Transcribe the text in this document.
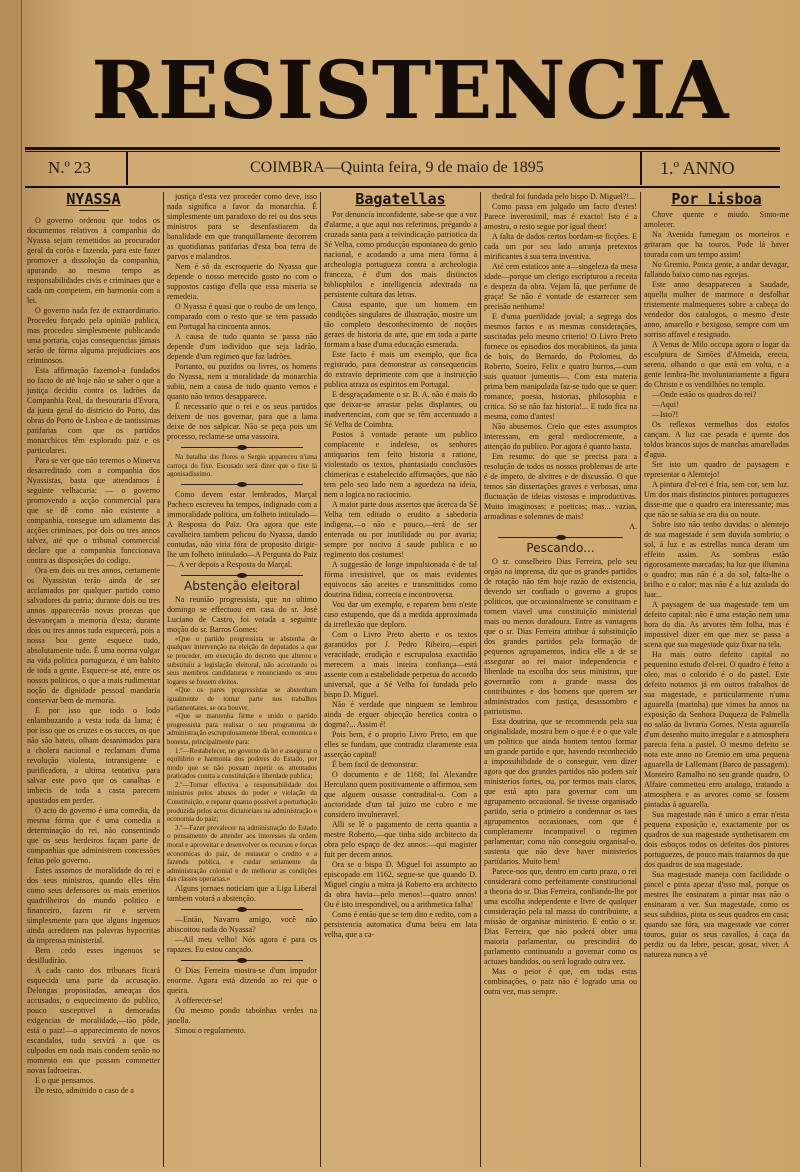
RESISTENCIA
N.º 23	COIMBRA—Quinta feira, 9 de maio de 1895	1.º ANNO
NYASSA

O governo ordenou que todos os documentos relativos á companhia do Nyassa sejam remettidos ao procurador geral da corôa e fazenda, para este fazer promover a dissolução da companhia, apurando ao mesmo tempo as responsabilidades civis e criminaes que a cada um competem, em harmonia com a lei.

O governo nada fez de extraordinario. Procedeu forçado pela opinião publica, mas procedeu simplesmente publicando uma portaria, cujas consequencias jámais serão de fórma alguma prejudiciaes aos criminosos.

Esta affirmação fazemol-a fundados no facto de até hoje não se saber o que a justiça decidiu contra os ladrões da Companhia Real, da thesouraria d'Evora, da junta geral do districto do Porto, das obras do Porto de Lisboa e de tantissimas patifarias com que os partidos monarchicos têm explorado paiz e os particulares.

Para se ver que não teremos o Minerva desacreditado com a companhia dos Nyassistas, basta que attendamos á seguinte velhacaria: — o governo promovendo a acção commercial para que se dê como não existente a companhia, consegue um adiamento das acções criminaes, por dois ou tres annos talvez, até que o tribunal commercial declare que a companhia funccionava contra as disposições do codigo.

Ora em dois ou tres annos, certamente os Nyassistas terão ainda de ser acclamados por qualquer partido como salvadores da patria; durante dois ou tres annos apparecerão novas proezas que desvaneçam a memoria d'esta; durante dois ou tres annos tudo esquecerá, pois a nossa boa gente esquece tudo, absolutamente tudo. É uma norma vulgar na vida politica portugueza, é um habito de toda a gente. Esquece-se até, entre os nossos politicos, o que a mais rudimentar noção de dignidade pessoal mandaria conservar bem de memoria.

E por isso que todo o lodo enlambuzando a vesta toda da lama; é por isso que os cruzes e os succes, os que não são bateis, olham desanimados para a cholera nacional e reclamam d'uma revolução violenta, intransigente e purificadora, a ultima tentativa para salvar este povo que os canalhas e imbecis de toda a casta parecem apostados em perder.

O acto do governo é uma comedia, da mesma fórma que é uma comedia a determinação do rei, não consentindo que os seus herdeiros façam parte de companhias que administrem concessões feitas pelo governo.

Estes assomos de moralidade do rei e dos seus ministros, quando elles têm como seus defensores os mais emeritos quadrilheiros do mundo politico e financeiro, fazem rir e servem simplesmente para que alguns ingenuos ainda acreditem nas palavras hypocritas da imprensa ministerial.

Bem cedo esses ingenuos se desilludirão.

A cada canto dos tribunaes ficará esquecida uma parte da accusação. Delongas propositadas, ameaças dos accusados, o esquecimento do publico, pouco susceptivel a demoradas exigencias de moralidade,—ião pôde, está o paiz!—o apparecimento de novos escandalos, tudo servirá a que os culpados em nada mais condem senão no momento em que possam commetter novas ladroeiras.

E o que pensamos.

De resto, admittido o caso de a

justiça d'esta vez proceder como deve, isso nada significa a favor da monarchia. É simplesmente um paradoxo do rei ou dos seus ministros para se desenfastiarem da banalidade em que tranquillamente decorrem as quotidianas patifarias d'esta boa terra de parvos e malandros.

Nem é só da escroquerie do Nyassa que depende o nosso merecido gosto no com o suppostos castigo d'ella que essa miseria se remedeia.

O Nyassa é quasi que o roubo de um lenço, comparado com o resto que se tem passado em Portugal ha cincoenta annos.

A causa de tudo quanto se passa não depende d'um individuo que seja ladrão, depende d'um regimen que faz ladrões.

Portanto, ou puzidos ou livres, os homens do Nyassa, nem a moralidade da monarchia subiu, nem a causa de tudo quanto vemos e quanto não temos desapparece.

É necessario que o rei e os seus partidos deixem de nos governar, para que a lama deixe de nos salpicar. Não se peça pois um processo, reclame-se uma vassoira.

Na batalha das flores o Sergio appareceu n'uma carroça do fixe. Escusado será dizer que o fixe lá agonisadissimo.

Como devem estar lembrados, Marçal Pacheco escreveu ha tempos, indignado com a immoralidade politica, um folheto intitulado—A Resposta do Paiz. Ora agora que este cavalheiro tambem pelicou do Nyassa, dando contudas, não viria fóra de proposito dirigir-lhe um folheto intitulado—A Pergunta do Paiz—. A ver depois a Resposta do Marçal.

Abstenção eleitoral

Na reunião progressista, que no ultimo domingo se effectuou em casa do sr. José Luciano de Castro, foi votada a seguinte moção do sr. Barros Gomes:

«Que o partido progressista se abstenha de qualquer intervenção na eleição de deputados a que se proceder, em execução do decreto que alterou e substituiu a legislação eleitoral, não acceitando os seus membros candidaturas e renunciando os seus logares se fossem eleitos.

«Que os pares progressistas se abstenham igualmente de tomar parte nos trabalhos parlamentares, se ora houver.

«Que se mantenha firme e unido o partido progressista para realisar o seu programma de administração escrupulosamente liberal, economica e honesta, principalmente para:

1.º—Restabelecer, no governo da lei e assegurar o equilibrio e harmonia dos poderes do Estado, por modo que se não possam repetir os attentados praticados contra a constituição e liberdade publica;

2.º—Tornar effectiva a responsabilidade dos ministros pelos abusos do poder e violação da Constituição, e reparar quanto possivel a perturbação produzida pelos actos dictatoriaes na administração e economia do paiz;

3.º—Fazer prevalecer na administração do Estado o pensamento de attender aos interesses da ordem moral e aproveitar e desenvolver os recursos e forças economicas do paiz, de restaurar o credito e a fazenda publica, e cuidar seriamente da administração colonial e de melhorar as condições das classes operarias.»

Alguns jornaes noticiam que a Liga Liberal tambem votará a abstenção.

—Então, Navarro amigo, você não abiscoitou nada do Nyassa?

—Ail meu velho! Nós agora é para os rapazes. Eu estou cançado.

O Dias Ferreira mostra-se d'um impudor enorme. Agora está dizendo ao rei que o queira.

A offerecer-se!

Ou mesmo pondo taboinhas verdes na janella.

Simou o regulamento.

Bagatellas

Por denuncia inconfidente, sabe-se que a voz d'alarme, a que aqui nos referimos, prégando a cruzada santa para a reivindicação patriotica da Sé Velha, como producção espontanea do genio nacional, e acodando a uma mera fórma á archeologia portugueza contra a archeologia franceza, é d'um dos mais distinctos bibliophilos e intelligencia adextrada na persistente cultura das letras.

Causa espanto, que um homem em condições singulares de illustração, mostre um tão completo desconhecimento de noções geraes de historia da arte, que em toda a parte formam a base d'uma educação esmerada.

Este facto é mais um exemplo, que fica registrado, para demonstrar as consequencias do extravio deprimente com que a instrucção publica atraza os espiritos em Portugal.

E desgraçadamente o sr. B. A. não é mais do que deixar-se arrastar pelas displantes, ou inadvertencias, com que se têm accentuado a Sé Velha de Coimbra.

Postos á vontade perante um publico complacente e indefeso, os senhores antiquarios tem feito historia a ratione, violentado os textos, phantasiado conclusões chimericas e estabelecido affirmações, que não tem pelo seu lado nem a aguedeza na ideia, nem a logica no raciocinio.

A maior parte dous assertos que ácerca da Sé Velha tem editado o erudito a sabedoria indigena,—o não e pouco,—terá de ser enterrada ou por inutilidade ou por avaria; sempre por nocivo á saude publica e ao regimento dos costumes!

A suggestão de longe impulsionada é de tal fórma irresistivel, que os mais evidentes equivocos são aceites e transmittidos como doutrina fidina, correcta e incontroversa.

Vou dar um exemplo, e reparem bem n'este caso estupendo, que dá a medida approximada da irreflexão que deploro.

Com o Livro Preto aberto e os textos garantidos por J. Pedro Ribeiro,—espiri veracidade, erudição e escrupulosa exactidão merecem a mais inteira confiança—está assente com a estabelidade perpetua do accordo universal, que a Sé Velha foi fundada pelo bispo D. Miguel.

Não é verdade que ninguem se lembrou ainda de erguer objecção heretica contra o dogma?... Assim é!

Pois bem, é o proprio Livro Preto, em que elles se fundam, que contradiz claramente esta asserção capital!

É bem facil de demonstrar.

O documento e de 1168; foi Alexandre Herculano quem positivamente o affirmou, sem que alguem ousasse contradital-o. Com a auctoridade d'um tal juizo me cubro e me considero invulneravel.

Alli se lê o pagamento de certa quantia a mestre Roberto,—que tinha sido architecto da obra pelo espaço de dez annos:—qui magister fuit per decem annos.

Ora se o bispo D. Miguel foi assumpto ao episcopado em 1162, segue-se que quando D. Miguel cingiu a mitra já Roberto era architecto da obra havia—pelo menos!—quatro annos! Ou é isto irrespondivel, ou a arithmetica falha!

Como é então que se tem dito e redito, com a persistencia automatica d'uma beira em lata velha, que a ca-

thedral foi fundada pelo bispo D. Miguel?!...

Como passa em julgado um facto d'estes! Parece inverosimil, mas é exacto! Isto é a amostra, o resto segue por igual theor!

A falta de dados certos bordam-se ficções. E cada um por seu lado arranja pretextos mirificantes á sua terra inventiva.

Até cem estatícos ante a—singeleza da mesa idade—porque um clerigo escripturou a receita e despeza da obra. Vejam lá, que perfume de graça! Se não é vontade de estarrecer sem precisão nenhuma!

E d'uma puerilidade jovial; a segrega dos mesmos factos e as mesmas considerações, suscitadas pelo mesmo criterio! O Livro Preto fornece os episodios dos morabitinos, da junta de bois, do Bernardo, do Ptolomeu, do Roberto, Soeiro, Felix e quatro burros,—cum suis quatuor jumentis—. Com esta materia prima bem manipulada faz-se tudo que se quer: romance, poesia, historias, philosophia e critica. Só se não faz historia!... E tudo fica na mesma, como d'antes!

Não abusemos. Creio que estes assumptos interessam, em geral mediocremente, a attenção do publico. Por agora é quanto basta.

Em resumo: do que se precisa para a resolução de todos os nossos problemas de arte é de ímpeto, de alvitres e de discussão. O que temos são dissertações graves e verbosas, uma fluctuação de ideias vistosas e improductivas. Muito imaginosas; e poeticas; mas... vazias, armadinas e solemnes de mais!

A.

Pescando...

O sr. conselheiro Dias Ferreira, pelo seu orgão na imprensa, diz que os grandes partidos de rotação não têm hoje razão de existencia, devendo ser confiado o governo a grupos politicos, que occasionalmente se constituam e tornem viavel uma constituição ministerial mais ou menos duradoura. Entre as vantagens que o sr. Dias Ferreira attribue á substituição dos grandes partidos pela formação de pequenos agrupamentos, indica elle a de se assegurar ao rei maior independencia e liberdade na escolha dos seus ministros, que governarão com a grande massa dos contribuintes e dos homens que querem ser administrados com justiça, desassombro e patriotismo.

Esta doutrina, que se recommenda pela sua originalidade, mostra bem o que é e o que vale um politico que ainda hontem tentou formar um grande partido e que, havendo reconhecido a impossibilidade de o conseguir, vem dizer agora que dos grandes partidos não podem saír ministerios fortes, ou, por termos mais claros, que está apto para governar com um agrupamento occasional. Se tivesse organisado partido, seria o primeiro a condemnar os taes agrupamentos occasionaes, com que é completamente incompativel o regimen parlamentar; como não conseguiu organisal-o, sustenta que não deve haver ministerios partidarios. Muito bem!

Parece-nos que, dentro em curto prazo, o rei considerará como perfeitamente constitucional a theoria do sr. Dias Ferreira, confiando-lhe por uma escolha independente e livre de qualquer consideração pela tal massa do contribuinte, a missão de organisar ministerio. E então o sr. Dias Ferreira, que não poderá obter uma maioria parlamentar, ou prescindirá do parlamento continuando a governar como os actuaes bandidos, ou será logrado outra vez.

Mas o peior é que, em todas estas combinações, o paiz não é logrado uma ou outra vez, mas sempre.

Por Lisboa

Chove quente e miudo. Sinto-me amolecer.

Na Avenida fumegam os morteiros e gritaram que ha touros. Pode lá haver tourada com um tempo assim!

No Gremio. Pouca gente, a andar devagar, fallando baixo como nas egrejas.

Este anno desappareceu a Saudade, aquella mulher de marmore a desfolhar tristemente malmequeres sobre a cabeça do vendedor dos catalogos, o mesmo d'este anno, amarello e bexigoso, sempre com um sorriso affavel e resignado.

A Venus de Milo occupa agora o logar da esculptura de Simões d'Almeida, erecta, serena, olhando o que está em volta, e a gente lembra-lhe involuntariamente a figura do Christo e os vendilhões no templo.

—Onde estão os quadros do rei?

—Aqui!

—Isto?!

Os reflexos vermelhos dos estofos cançam. A luz cae pesada e quente dos toldos brancos sujos de manchas amarelladas d'agua.

Ser isto um quadro de paysagem e representar o Alemtejo!

A pintura d'el-rei é fria, sem cor, sem luz. Um dos mais distinctos pintores portuguezes disse-me que o quadro era interessante; mas que não se sabia se era dia ou noute.

Sobre isto não tenho duvidas: o alemtejo de sua magestade é sem duvida sombrio; o sol, á luz e as estrellas nunca deram um effeito assim. As sombras estão rigorosamente marcadas; ha luz que illumina o quadro; mas não é a do sol, falta-lhe o brilho e o calor; mas não é a luz azulada do luar...

A paysagem de sua magestade tem um defeito capital: não é uma estação nem uma hora do dia. As arvores têm folha, mas é impossivel dizer em que mez se passa a scena que sua magestade quiz fixar na tela.

Ha mais outro defeito capital no pequenino estudo d'el-rei. O quadro é feito a oleo, mas o colorido é o do pastel. Este defeito notamos já em outros trabalhos de sua magestade, e particularmente n'uma aguarella (marinha) que vimos ha annos na exposição da Senhora Duqueza de Palmella no salão da livraria Gomes. N'esta aguarella d'um desenho muito irregular e a atmosphera parecia feita a pastel. O mesmo defeito se nota este anno no Gremio em uma pequena aguarella de Lallemant (Barco de passagem). Monteiro Ramalho no seu grande quadro, O Alfaire commetteu erro analogo, tratando a atmosphera e as arvores como se fossem pintadas á aguarella.

Sua magestade não é unico a errar n'esta pequena exposição e, exactamente por os quadros de sua magestade synthetisarem em dois esboços todos os defeitos dos pintores portuguezes, de pouco mais tratarmos do que dos quadros de sua magestade.

Sua magestade maneja com facilidade o pincel e pinta apezar d'isso mal, porque os mestres lhe ensinaram a pintar mas não o ensinaram a ver. Sua magestade, como os seus subditos, pinta os seus quadros em casa; quando sae fóra, sua magestade vae correr touros, guiar os seus cavallos, á caça da perdiz ou da lebre, pescar, gosar, viver. A natureza nunca a vê
